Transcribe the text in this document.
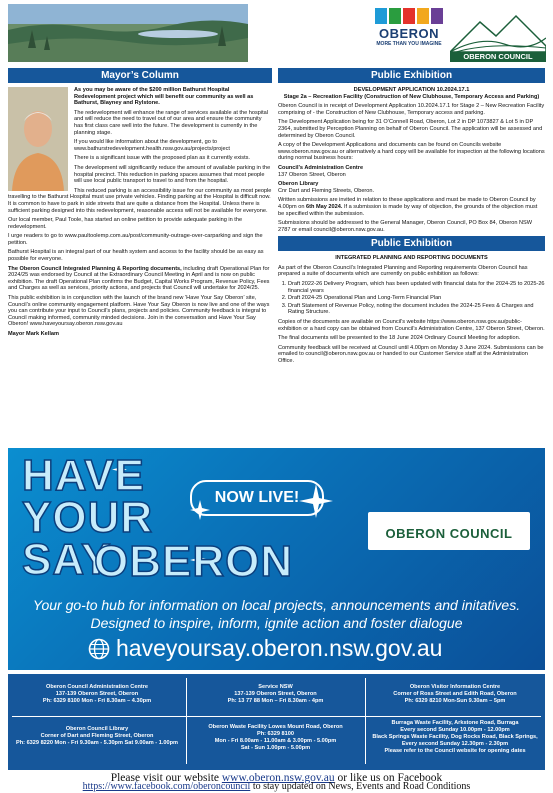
OBERON
MORE THAN YOU IMAGINE
OBERON COUNCIL
Mayor’s Column

As you may be aware of the $200 million Bathurst Hospital Redevelopment project which will benefit our community as well as Bathurst, Blayney and Rylstone.

The redevelopment will enhance the range of services available at the hospital and will reduce the need to travel out of our area and ensure the community has first class care well into the future. The development is currently in the planning stage.

If you would like information about the development, go to www.bathurstredevelopment.health.nsw.gov.au/projects/project

There is a significant issue with the proposed plan as it currently exists.

The development will significantly reduce the amount of available parking in the hospital precinct. This reduction in parking spaces assumes that most people will use local public transport to travel to and from the hospital.

This reduced parking is an accessibility issue for our community as most people travelling to the Bathurst Hospital must use private vehicles. Finding parking at the Hospital is difficult now. It is common to have to park in side streets that are quite a distance from the Hospital. Unless there is sufficient parking designed into this redevelopment, reasonable access will not be available for everyone.

Our local member, Paul Toole, has started an online petition to provide adequate parking in the redevelopment.

I urge readers to go to www.paultoolemp.com.au/post/community-outrage-over-carparking and sign the petition.

Bathurst Hospital is an integral part of our health system and access to the facility should be as easy as possible for everyone.

The Oberon Council Integrated Planning & Reporting documents, including draft Operational Plan for 2024/25 was endorsed by Council at the Extraordinary Council Meeting in April and is now on public exhibition. The draft Operational Plan confirms the Budget, Capital Works Program, Revenue Policy, Fees and Charges as well as services, priority actions, and projects that Council will undertake for 2024/25.

This public exhibition is in conjunction with the launch of the brand new ‘Have Your Say Oberon’ site, Council’s online community engagement platform. Have Your Say Oberon is now live and one of the ways you can contribute your input to Council’s plans, projects and policies. Community feedback is integral to Council making informed, community minded decisions. Join in the conversation and Have Your Say Oberon! www.haveyoursay.oberon.nsw.gov.au

Mayor Mark Kellam

Public Exhibition
DEVELOPMENT APPLICATION 10.2024.17.1
Stage 2a – Recreation Facility (Construction of New Clubhouse, Temporary Access and Parking)

Oberon Council is in receipt of Development Application 10.2024.17.1 for Stage 2 – New Recreation Facility comprising of - the Construction of New Clubhouse, Temporary access and parking.

The Development Application being for 31 O’Connell Road, Oberon, Lot 2 in DP 1073827 & Lot 5 in DP 2364, submitted by Perception Planning on behalf of Oberon Council. The application will be assessed and determined by Oberon Council.

A copy of the Development Applications and documents can be found on Councils website www.oberon.nsw.gov.au or alternatively a hard copy will be available for inspection at the following locations during normal business hours:

Council’s Administration Centre
137 Oberon Street, Oberon

Oberon Library
Cnr Dart and Fleming Streets, Oberon.

Written submissions are invited in relation to these applications and must be made to Oberon Council by 4.00pm on 6th May 2024. If a submission is made by way of objection, the grounds of the objection must be specified within the submission.

Submissions should be addressed to the General Manager, Oberon Council, PO Box 84, Oberon NSW 2787 or email council@oberon.nsw.gov.au.

Public Exhibition
INTEGRATED PLANNING AND REPORTING DOCUMENTS

As part of the Oberon Council’s Integrated Planning and Reporting requirements Oberon Council has prepared a suite of documents which are currently on public exhibition as follows:

1. Draft 2022-26 Delivery Program, which has been updated with financial data for the 2024-25 to 2025-26 financial years
2. Draft 2024-25 Operational Plan and Long-Term Financial Plan
3. Draft Statement of Revenue Policy, noting the document includes the 2024-25 Fees & Charges and Rating Structure.

Copies of the documents are available on Council’s website https://www.oberon.nsw.gov.au/public-exhibition or a hard copy can be obtained from Council’s Administration Centre, 137 Oberon Street, Oberon.

The final documents will be presented to the 18 June 2024 Ordinary Council Meeting for adoption.

Community feedback will be received at Council until 4.00pm on Monday 3 June 2024. Submissions can be emailed to council@oberon.nsw.gov.au or handed to our Customer Service staff at the Administration Office.

HAVE
YOUR
SAY
OBERON
NOW LIVE!
OBERON COUNCIL
Your go-to hub for information on local projects, announcements and initatives.
Designed to inspire, inform, ignite action and foster dialogue
haveyoursay.oberon.nsw.gov.au
Oberon Council Administration Centre
137-139 Oberon Street, Oberon
Ph: 6329 8100 Mon - Fri 8.30am – 4.30pm
Service NSW
137-139 Oberon Street, Oberon
Ph: 13 77 88 Mon – Fri 8.30am - 4pm
Oberon Visitor Information Centre
Corner of Ross Street and Edith Road, Oberon
Ph: 6329 8210 Mon-Sun 9.30am – 5pm
Oberon Council Library
Corner of Dart and Fleming Street, Oberon
Ph: 6329 8220 Mon - Fri 9.30am - 5.30pm Sat 9.00am - 1.00pm
Oberon Waste Facility Lowes Mount Road, Oberon
Ph: 6329 8100
Mon - Fri 8.00am - 11.00am & 3.00pm - 5.00pm
Sat - Sun 1.00pm - 5.00pm
Burraga Waste Facility, Arkstone Road, Burraga
Every second Sunday 10.00pm - 12.00pm
Black Springs Waste Facility, Dog Rocks Road, Black Springs, Every second Sunday 12.30pm - 2.30pm
Please refer to the Council website for opening dates
Please visit our website www.oberon.nsw.gov.au or like us on Facebook
https://www.facebook.com/oberoncouncil to stay updated on News, Events and Road Conditions
